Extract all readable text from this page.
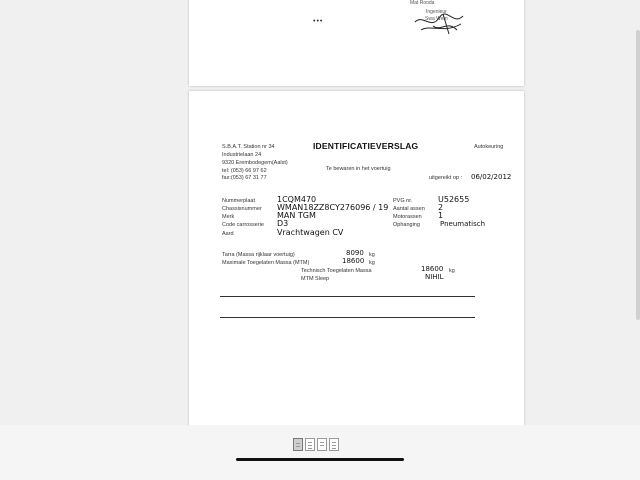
•••
Mat Rooda
Ingenieur
Swa Wem
S.B.A.T. Station nr 34
Industrielaan 24
9320 Erembodegem(Aalst)
tel: (053) 66 97 62
fax:(053) 67 31 77
IDENTIFICATIEVERSLAG
Te bewaren in het voertuig
Autokeuring
uitgereikt op : 06/02/2012
Nummerplaat	1CQM470
Chassisnummer WMAN18ZZ8CY276096 / 19
Merk	MAN TGM
Code carrosserie D3
Aard	Vrachtwagen CV
PVG nr.	U52655
Aantal assen 2
Motorassen 1
Ophanging	Pneumatisch
Tarra (Massa rijklaar voertuig)	8090 kg
Maximale Toegelaten Massa (MTM)	18600 kg
Technisch Toegelaten Massa	18600 kg
MTM Sleep	NIHIL
